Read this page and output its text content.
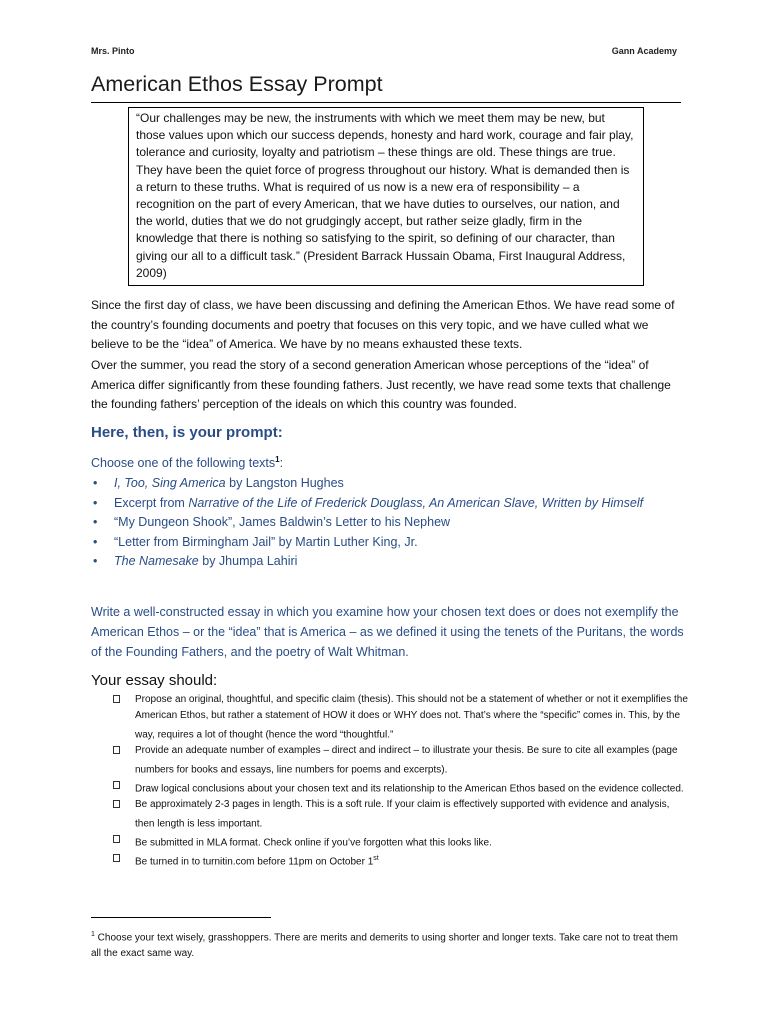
Mrs. Pinto	Gann Academy
American Ethos Essay Prompt
“Our challenges may be new, the instruments with which we meet them may be new, but those values upon which our success depends, honesty and hard work, courage and fair play, tolerance and curiosity, loyalty and patriotism – these things are old. These things are true. They have been the quiet force of progress throughout our history. What is demanded then is a return to these truths. What is required of us now is a new era of responsibility – a recognition on the part of every American, that we have duties to ourselves, our nation, and the world, duties that we do not grudgingly accept, but rather seize gladly, firm in the knowledge that there is nothing so satisfying to the spirit, so defining of our character, than giving our all to a difficult task.” (President Barrack Hussain Obama, First Inaugural Address, 2009)

Since the first day of class, we have been discussing and defining the American Ethos. We have read some of the country’s founding documents and poetry that focuses on this very topic, and we have culled what we believe to be the “idea” of America. We have by no means exhausted these texts.

Over the summer, you read the story of a second generation American whose perceptions of the “idea” of America differ significantly from these founding fathers. Just recently, we have read some texts that challenge the founding fathers’ perception of the ideals on which this country was founded.

Here, then, is your prompt:
Choose one of the following texts$^1$:
• I, Too, Sing America by Langston Hughes
• Excerpt from Narrative of the Life of Frederick Douglass, An American Slave, Written by Himself
• “My Dungeon Shook”, James Baldwin’s Letter to his Nephew
• “Letter from Birmingham Jail” by Martin Luther King, Jr.
• The Namesake by Jhumpa Lahiri

Write a well-constructed essay in which you examine how your chosen text does or does not exemplify the American Ethos – or the “idea” that is America – as we defined it using the tenets of the Puritans, the words of the Founding Fathers, and the poetry of Walt Whitman.

Your essay should:
Propose an original, thoughtful, and specific claim (thesis). This should not be a statement of whether or not it exemplifies the American Ethos, but rather a statement of HOW it does or WHY does not. That’s where the “specific” comes in. This, by the way, requires a lot of thought (hence the word “thoughtful.”
Provide an adequate number of examples – direct and indirect – to illustrate your thesis. Be sure to cite all examples (page numbers for books and essays, line numbers for poems and excerpts).
Draw logical conclusions about your chosen text and its relationship to the American Ethos based on the evidence collected.
Be approximately 2-3 pages in length. This is a soft rule. If your claim is effectively supported with evidence and analysis, then length is less important.
Be submitted in MLA format. Check online if you’ve forgotten what this looks like.
Be turned in to turnitin.com before 11pm on October 1st

$^1$ Choose your text wisely, grasshoppers. There are merits and demerits to using shorter and longer texts. Take care not to treat them all the exact same way.
